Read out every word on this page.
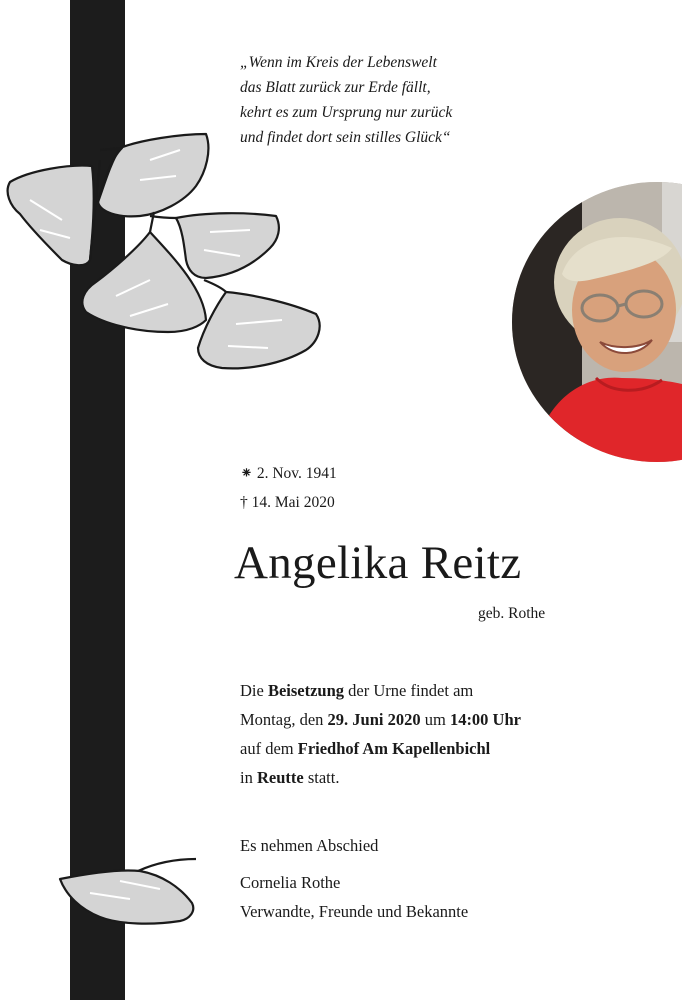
„Wenn im Kreis der Lebenswelt
das Blatt zurück zur Erde fällt,
kehrt es zum Ursprung nur zurück
und findet dort sein stilles Glück“
⁕ 2. Nov. 1941
† 14. Mai 2020
Angelika Reitz
geb. Rothe
Die Beisetzung der Urne findet am
Montag, den 29. Juni 2020 um 14:00 Uhr
auf dem Friedhof Am Kapellenbichl
in Reutte statt.
Es nehmen Abschied
Cornelia Rothe
Verwandte, Freunde und Bekannte
